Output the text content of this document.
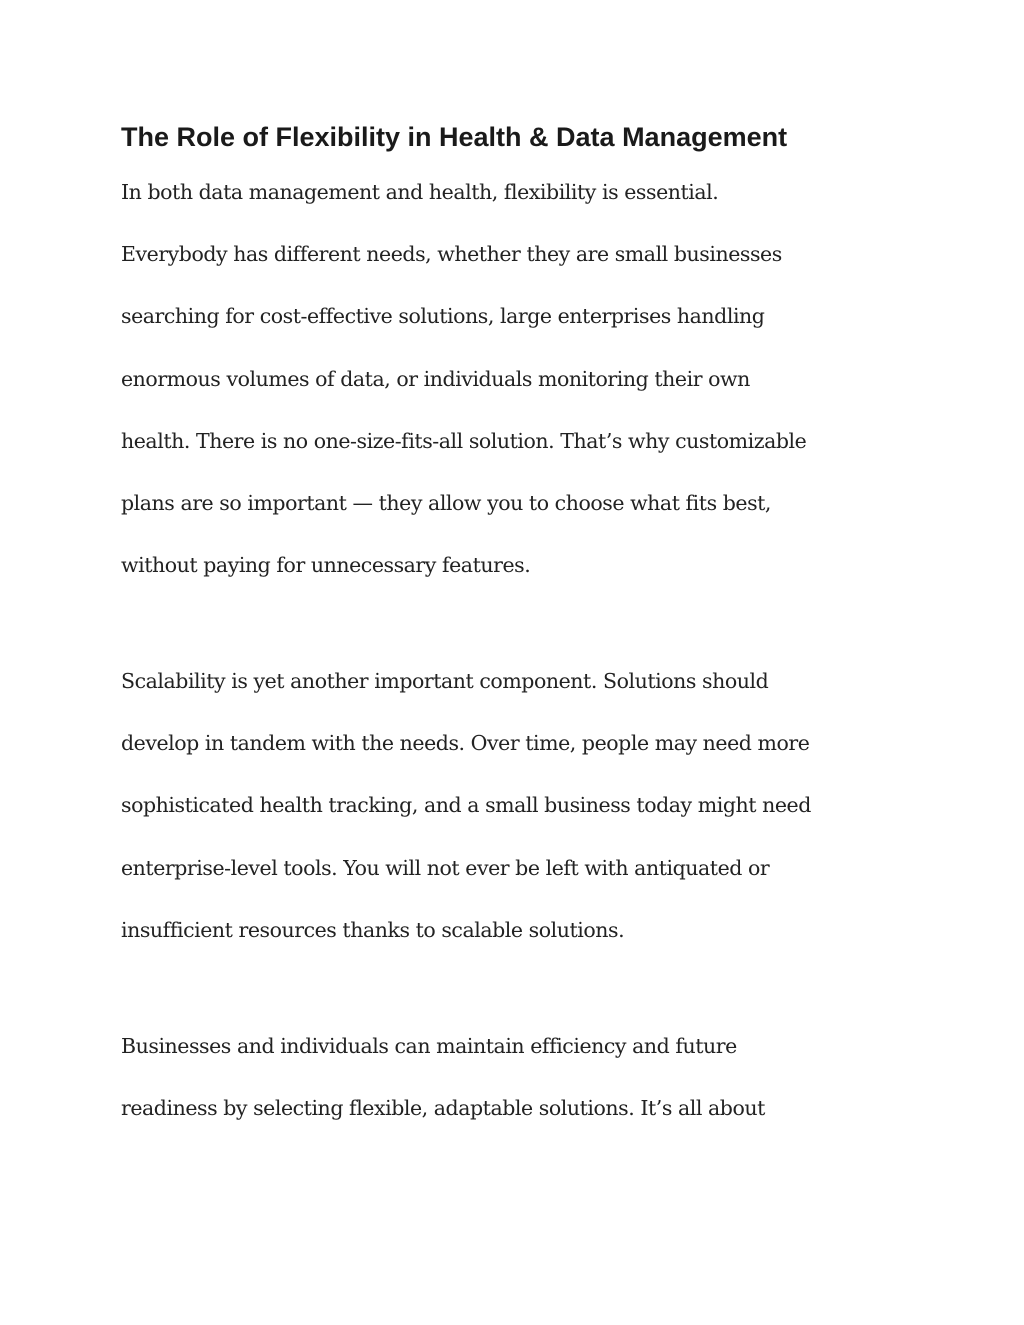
The Role of Flexibility in Health & Data Management

In both data management and health, flexibility is essential.

Everybody has different needs, whether they are small businesses

searching for cost-effective solutions, large enterprises handling

enormous volumes of data, or individuals monitoring their own

health. There is no one-size-fits-all solution. That’s why customizable

plans are so important — they allow you to choose what fits best,

without paying for unnecessary features.

Scalability is yet another important component. Solutions should

develop in tandem with the needs. Over time, people may need more

sophisticated health tracking, and a small business today might need

enterprise-level tools. You will not ever be left with antiquated or

insufficient resources thanks to scalable solutions.

Businesses and individuals can maintain efficiency and future

readiness by selecting flexible, adaptable solutions. It’s all about
